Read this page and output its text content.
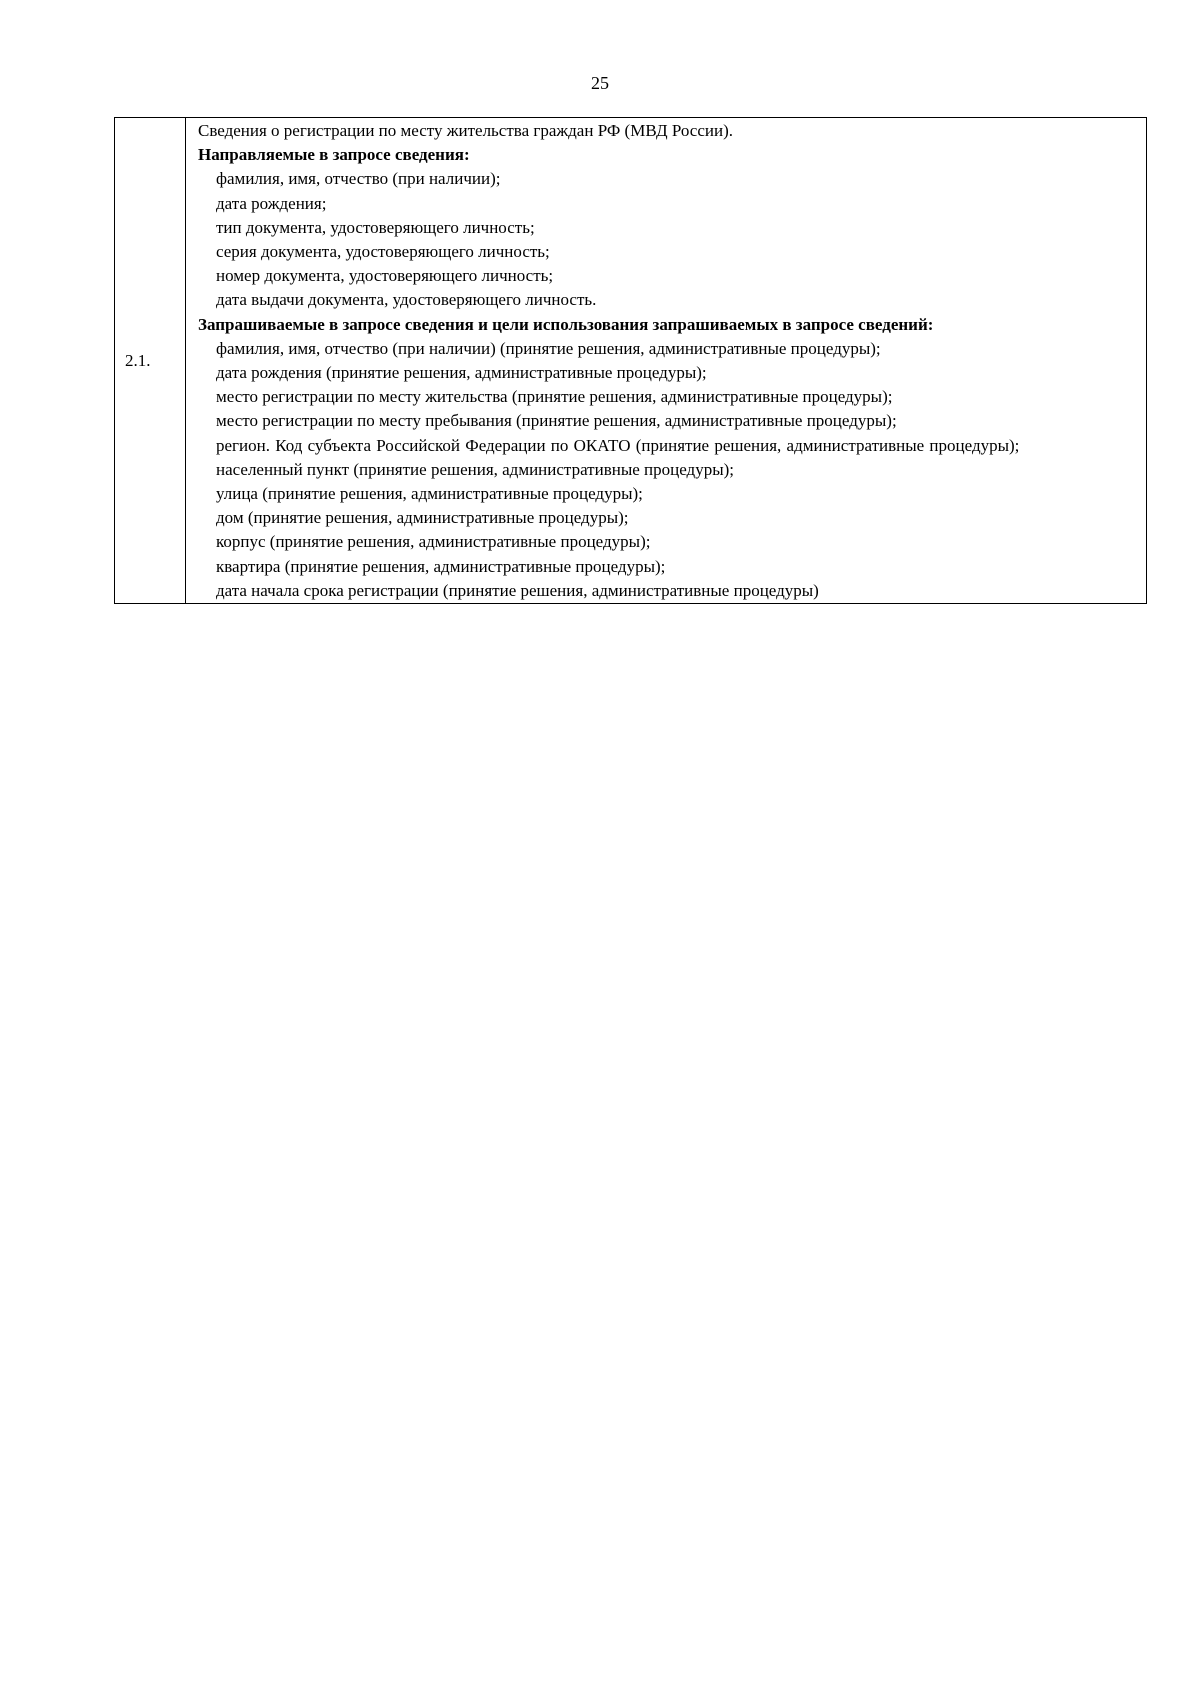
25
2.1.	
Сведения о регистрации по месту жительства граждан РФ (МВД России).
Направляемые в запросе сведения:
фамилия, имя, отчество (при наличии);
дата рождения;
тип документа, удостоверяющего личность;
серия документа, удостоверяющего личность;
номер документа, удостоверяющего личность;
дата выдачи документа, удостоверяющего личность.
Запрашиваемые в запросе сведения и цели использования запрашиваемых в запросе сведений:
фамилия, имя, отчество (при наличии) (принятие решения, административные процедуры);
дата рождения (принятие решения, административные процедуры);
место регистрации по месту жительства (принятие решения, административные процедуры);
место регистрации по месту пребывания (принятие решения, административные процедуры);
регион. Код субъекта Российской Федерации по ОКАТО (принятие решения, административные процедуры);
населенный пункт (принятие решения, административные процедуры);
улица (принятие решения, административные процедуры);
дом (принятие решения, административные процедуры);
корпус (принятие решения, административные процедуры);
квартира (принятие решения, административные процедуры);
дата начала срока регистрации (принятие решения, административные процедуры)
